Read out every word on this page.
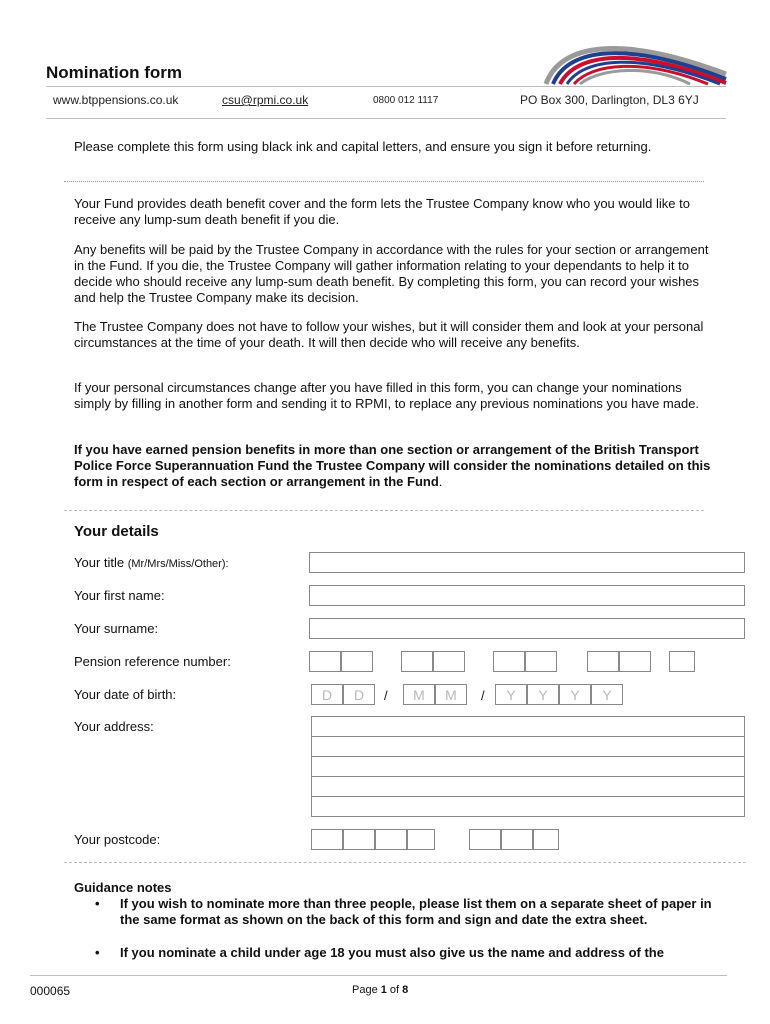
Nomination form
www.btppensions.co.uk	csu@rpmi.co.uk	0800 012 1117	PO Box 300, Darlington, DL3 6YJ
Please complete this form using black ink and capital letters, and ensure you sign it before returning.
Your Fund provides death benefit cover and the form lets the Trustee Company know who you would like to receive any lump-sum death benefit if you die.
Any benefits will be paid by the Trustee Company in accordance with the rules for your section or arrangement in the Fund. If you die, the Trustee Company will gather information relating to your dependants to help it to decide who should receive any lump-sum death benefit. By completing this form, you can record your wishes and help the Trustee Company make its decision.
The Trustee Company does not have to follow your wishes, but it will consider them and look at your personal circumstances at the time of your death. It will then decide who will receive any benefits.
If your personal circumstances change after you have filled in this form, you can change your nominations simply by filling in another form and sending it to RPMI, to replace any previous nominations you have made.
If you have earned pension benefits in more than one section or arrangement of the British Transport Police Force Superannuation Fund the Trustee Company will consider the nominations detailed on this form in respect of each section or arrangement in the Fund.
Your details
Your title (Mr/Mrs/Miss/Other):
Your first name:
Your surname:
Pension reference number:
Your date of birth:	D	D	/	M	M	/	Y	Y	Y	Y
Your address:
Your postcode:
Guidance notes
• If you wish to nominate more than three people, please list them on a separate sheet of paper in the same format as shown on the back of this form and sign and date the extra sheet.
• If you nominate a child under age 18 you must also give us the name and address of the
000065	Page 1 of 8
